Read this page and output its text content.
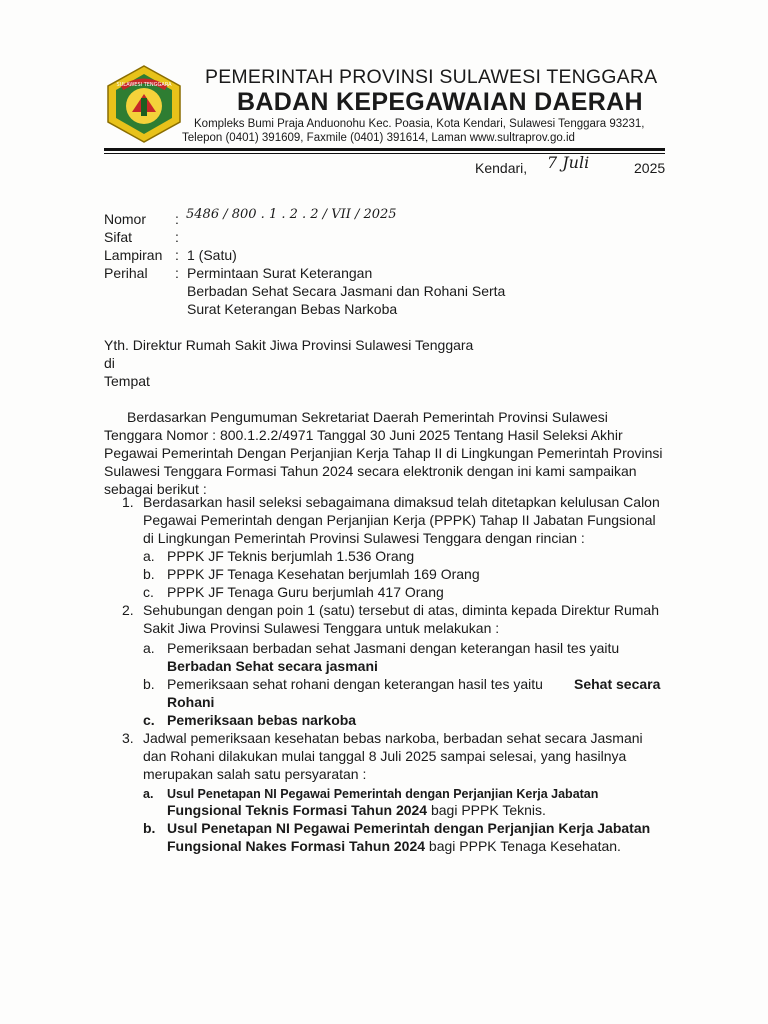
SULAWESI TENGGARA PEMERINTAH PROVINSI SULAWESI TENGGARA
BADAN KEPEGAWAIAN DAERAH
Kompleks Bumi Praja Anduonohu Kec. Poasia, Kota Kendari, Sulawesi Tenggara 93231,
Telepon (0401) 391609, Faxmile (0401) 391614, Laman www.sultraprov.go.id
Kendari, 7 Juli	2025
Nomor : 5486 / 800 . 1 . 2 . 2 / VII / 2025
Sifat	:
Lampiran : 1 (Satu)
Perihal : Permintaan Surat Keterangan
Berbadan Sehat Secara Jasmani dan Rohani Serta
Surat Keterangan Bebas Narkoba
Yth. Direktur Rumah Sakit Jiwa Provinsi Sulawesi Tenggara
di
Tempat
Berdasarkan Pengumuman Sekretariat Daerah Pemerintah Provinsi Sulawesi
Tenggara Nomor : 800.1.2.2/4971 Tanggal 30 Juni 2025 Tentang Hasil Seleksi Akhir
Pegawai Pemerintah Dengan Perjanjian Kerja Tahap II di Lingkungan Pemerintah Provinsi
Sulawesi Tenggara Formasi Tahun 2024 secara elektronik dengan ini kami sampaikan
sebagai berikut :
1. Berdasarkan hasil seleksi sebagaimana dimaksud telah ditetapkan kelulusan Calon
Pegawai Pemerintah dengan Perjanjian Kerja (PPPK) Tahap II Jabatan Fungsional
di Lingkungan Pemerintah Provinsi Sulawesi Tenggara dengan rincian :
a. PPPK JF Teknis berjumlah 1.536 Orang
b. PPPK JF Tenaga Kesehatan berjumlah 169 Orang
c. PPPK JF Tenaga Guru berjumlah 417 Orang
2. Sehubungan dengan poin 1 (satu) tersebut di atas, diminta kepada Direktur Rumah
Sakit Jiwa Provinsi Sulawesi Tenggara untuk melakukan :
a. Pemeriksaan berbadan sehat Jasmani dengan keterangan hasil tes yaitu
Berbadan Sehat secara jasmani
b. Pemeriksaan sehat rohani dengan keterangan hasil tes yaitu Sehat secara
Rohani
c. Pemeriksaan bebas narkoba
3. Jadwal pemeriksaan kesehatan bebas narkoba, berbadan sehat secara Jasmani
dan Rohani dilakukan mulai tanggal 8 Juli 2025 sampai selesai, yang hasilnya
merupakan salah satu persyaratan :
a. Usul Penetapan NI Pegawai Pemerintah dengan Perjanjian Kerja Jabatan
Fungsional Teknis Formasi Tahun 2024 bagi PPPK Teknis.
b. Usul Penetapan NI Pegawai Pemerintah dengan Perjanjian Kerja Jabatan
Fungsional Nakes Formasi Tahun 2024 bagi PPPK Tenaga Kesehatan.
